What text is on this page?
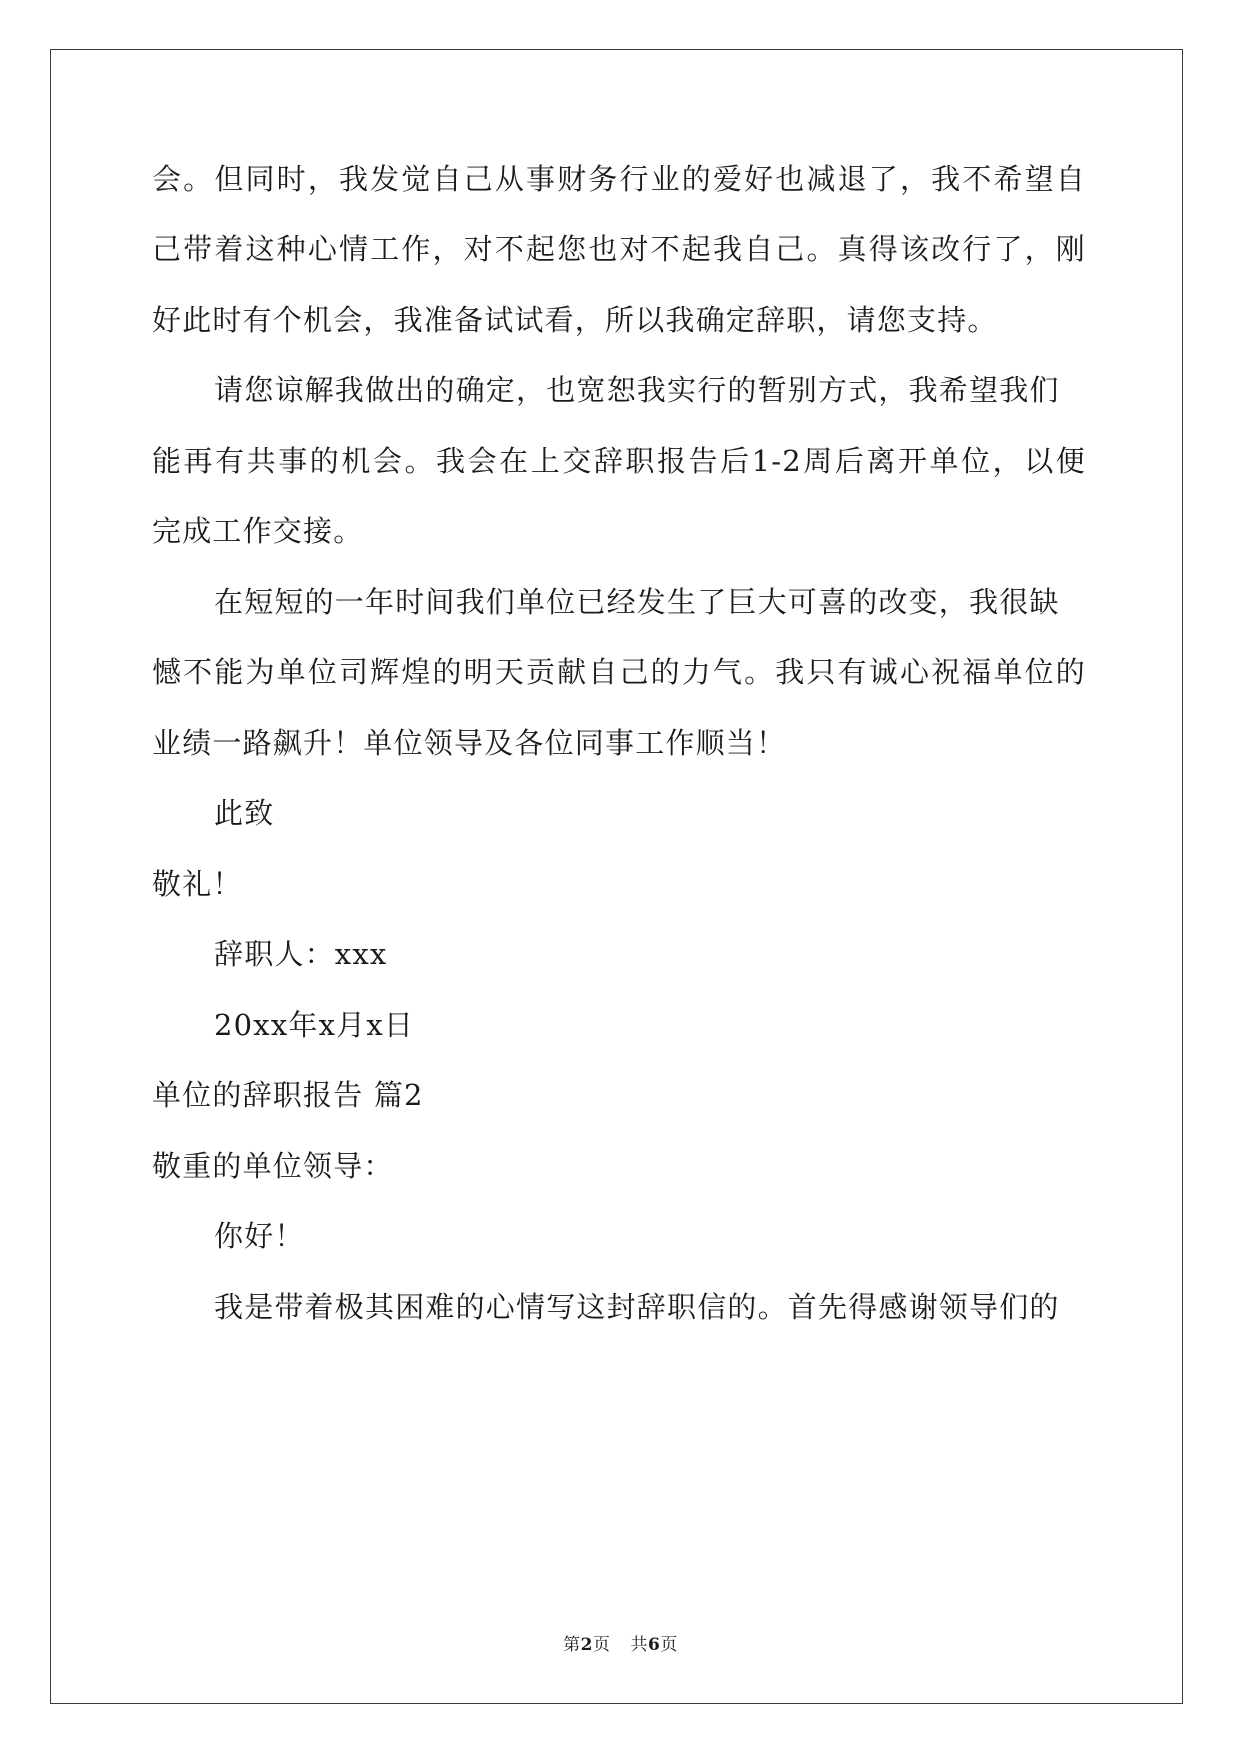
会。但同时，我发觉自己从事财务行业的爱好也减退了，我不希望自
己带着这种心情工作，对不起您也对不起我自己。真得该改行了，刚
好此时有个机会，我准备试试看，所以我确定辞职，请您支持。
请您谅解我做出的确定，也宽恕我实行的暂别方式，我希望我们
能再有共事的机会。我会在上交辞职报告后1-2周后离开单位，以便
完成工作交接。
在短短的一年时间我们单位已经发生了巨大可喜的改变，我很缺
憾不能为单位司辉煌的明天贡献自己的力气。我只有诚心祝福单位的
业绩一路飙升！单位领导及各位同事工作顺当！
此致
敬礼！
辞职人：xxx
20xx年x月x日
单位的辞职报告 篇2
敬重的单位领导：
你好！
我是带着极其困难的心情写这封辞职信的。首先得感谢领导们的
第2页 共6页
